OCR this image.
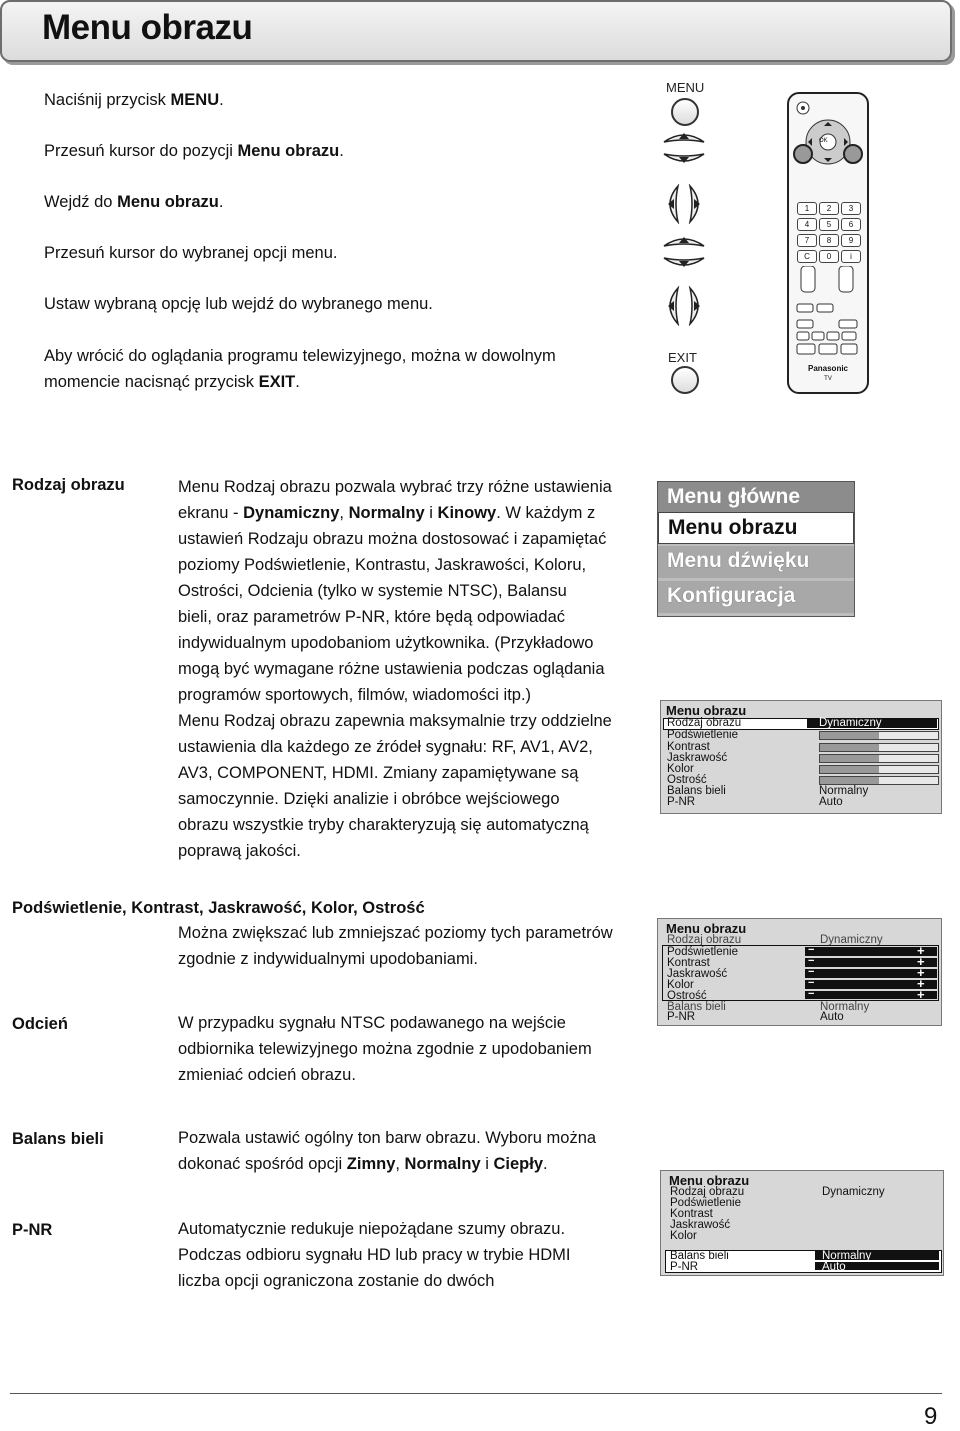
Menu obrazu
Naciśnij przycisk MENU.
Przesuń kursor do pozycji Menu obrazu.
Wejdź do Menu obrazu.
Przesuń kursor do wybranej opcji menu.
Ustaw wybraną opcję lub wejdź do wybranego menu.
Aby wrócić do oglądania programu telewizyjnego, można w dowolnym
momencie nacisnąć przycisk EXIT.
MENU
EXIT
OK
1	2	3
4	5	6
7	8	9
C	0	i
Panasonic
TV
Rodzaj obrazu	Menu Rodzaj obrazu pozwala wybrać trzy różne ustawienia
ekranu - Dynamiczny, Normalny i Kinowy. W każdym z
ustawień Rodzaju obrazu można dostosować i zapamiętać
poziomy Podświetlenie, Kontrastu, Jaskrawości, Koloru,
Ostrości, Odcienia (tylko w systemie NTSC), Balansu
bieli, oraz parametrów P-NR, które będą odpowiadać
indywidualnym upodobaniom użytkownika. (Przykładowo
mogą być wymagane różne ustawienia podczas oglądania
programów sportowych, filmów, wiadomości itp.)
Menu Rodzaj obrazu zapewnia maksymalnie trzy oddzielne
ustawienia dla każdego ze źródeł sygnału: RF, AV1, AV2,
AV3, COMPONENT, HDMI. Zmiany zapamiętywane są
samoczynnie. Dzięki analizie i obróbce wejściowego
obrazu wszystkie tryby charakteryzują się automatyczną
poprawą jakości.
Menu główne
Menu obrazu
Menu dźwięku
Konfiguracja
Menu obrazu
Rodzaj obrazu	Dynamiczny
Podświetlenie
Kontrast
Jaskrawość
Kolor
Ostrość
Balans bieli	Normalny
P-NR	Auto
Podświetlenie, Kontrast, Jaskrawość, Kolor, Ostrość
Można zwiększać lub zmniejszać poziomy tych parametrów
zgodnie z indywidualnymi upodobaniami.
Menu obrazu
Rodzaj obrazu	Dynamiczny
Podświetlenie
Kontrast
Jaskrawość
Kolor
Ostrość
−	+
−	+
−	+
−	+
−	+
Balans bieli	Normalny
P-NR	Auto
Odcień	W przypadku sygnału NTSC podawanego na wejście
odbiornika telewizyjnego można zgodnie z upodobaniem
zmieniać odcień obrazu.
Balans bieli	Pozwala ustawić ogólny ton barw obrazu. Wyboru można
dokonać spośród opcji Zimny, Normalny i Ciepły.
P-NR	Automatycznie redukuje niepożądane szumy obrazu.
Podczas odbioru sygnału HD lub pracy w trybie HDMI
liczba opcji ograniczona zostanie do dwóch
Menu obrazu
Rodzaj obrazu	Dynamiczny
Podświetlenie
Kontrast
Jaskrawość
Kolor
Balans bieli	Normalny
P-NR	Auto
9
